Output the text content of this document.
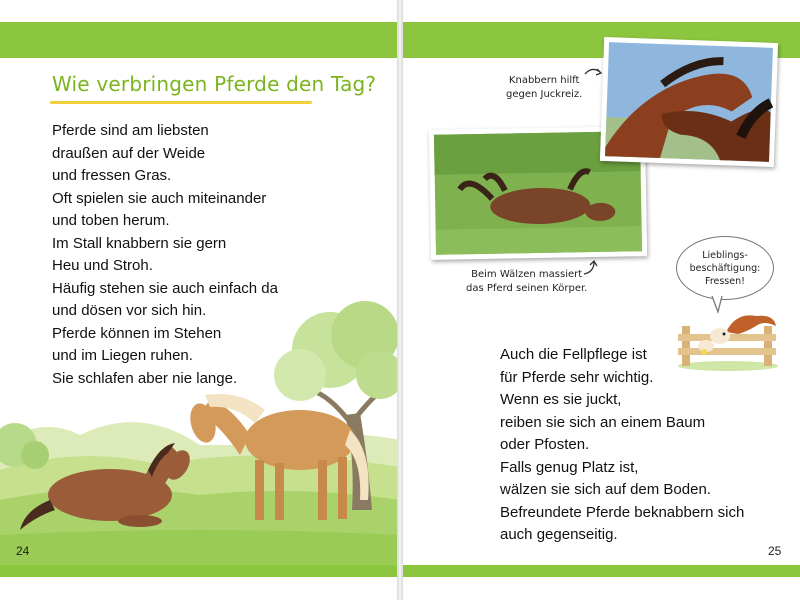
Wie verbringen Pferde den Tag?
Pferde sind am liebsten
draußen auf der Weide
und fressen Gras.
Oft spielen sie auch miteinander
und toben herum.
Im Stall knabbern sie gern
Heu und Stroh.
Häufig stehen sie auch einfach da
und dösen vor sich hin.
Pferde können im Stehen
und im Liegen ruhen.
Sie schlafen aber nie lange.
24
Knabbern hilft
gegen Juckreiz.
Beim Wälzen massiert
das Pferd seinen Körper.
Lieblings-
beschäftigung:
Fressen!
Auch die Fellpflege ist
für Pferde sehr wichtig.
Wenn es sie juckt,
reiben sie sich an einem Baum
oder Pfosten.
Falls genug Platz ist,
wälzen sie sich auf dem Boden.
Befreundete Pferde beknabbern sich
auch gegenseitig.
25
